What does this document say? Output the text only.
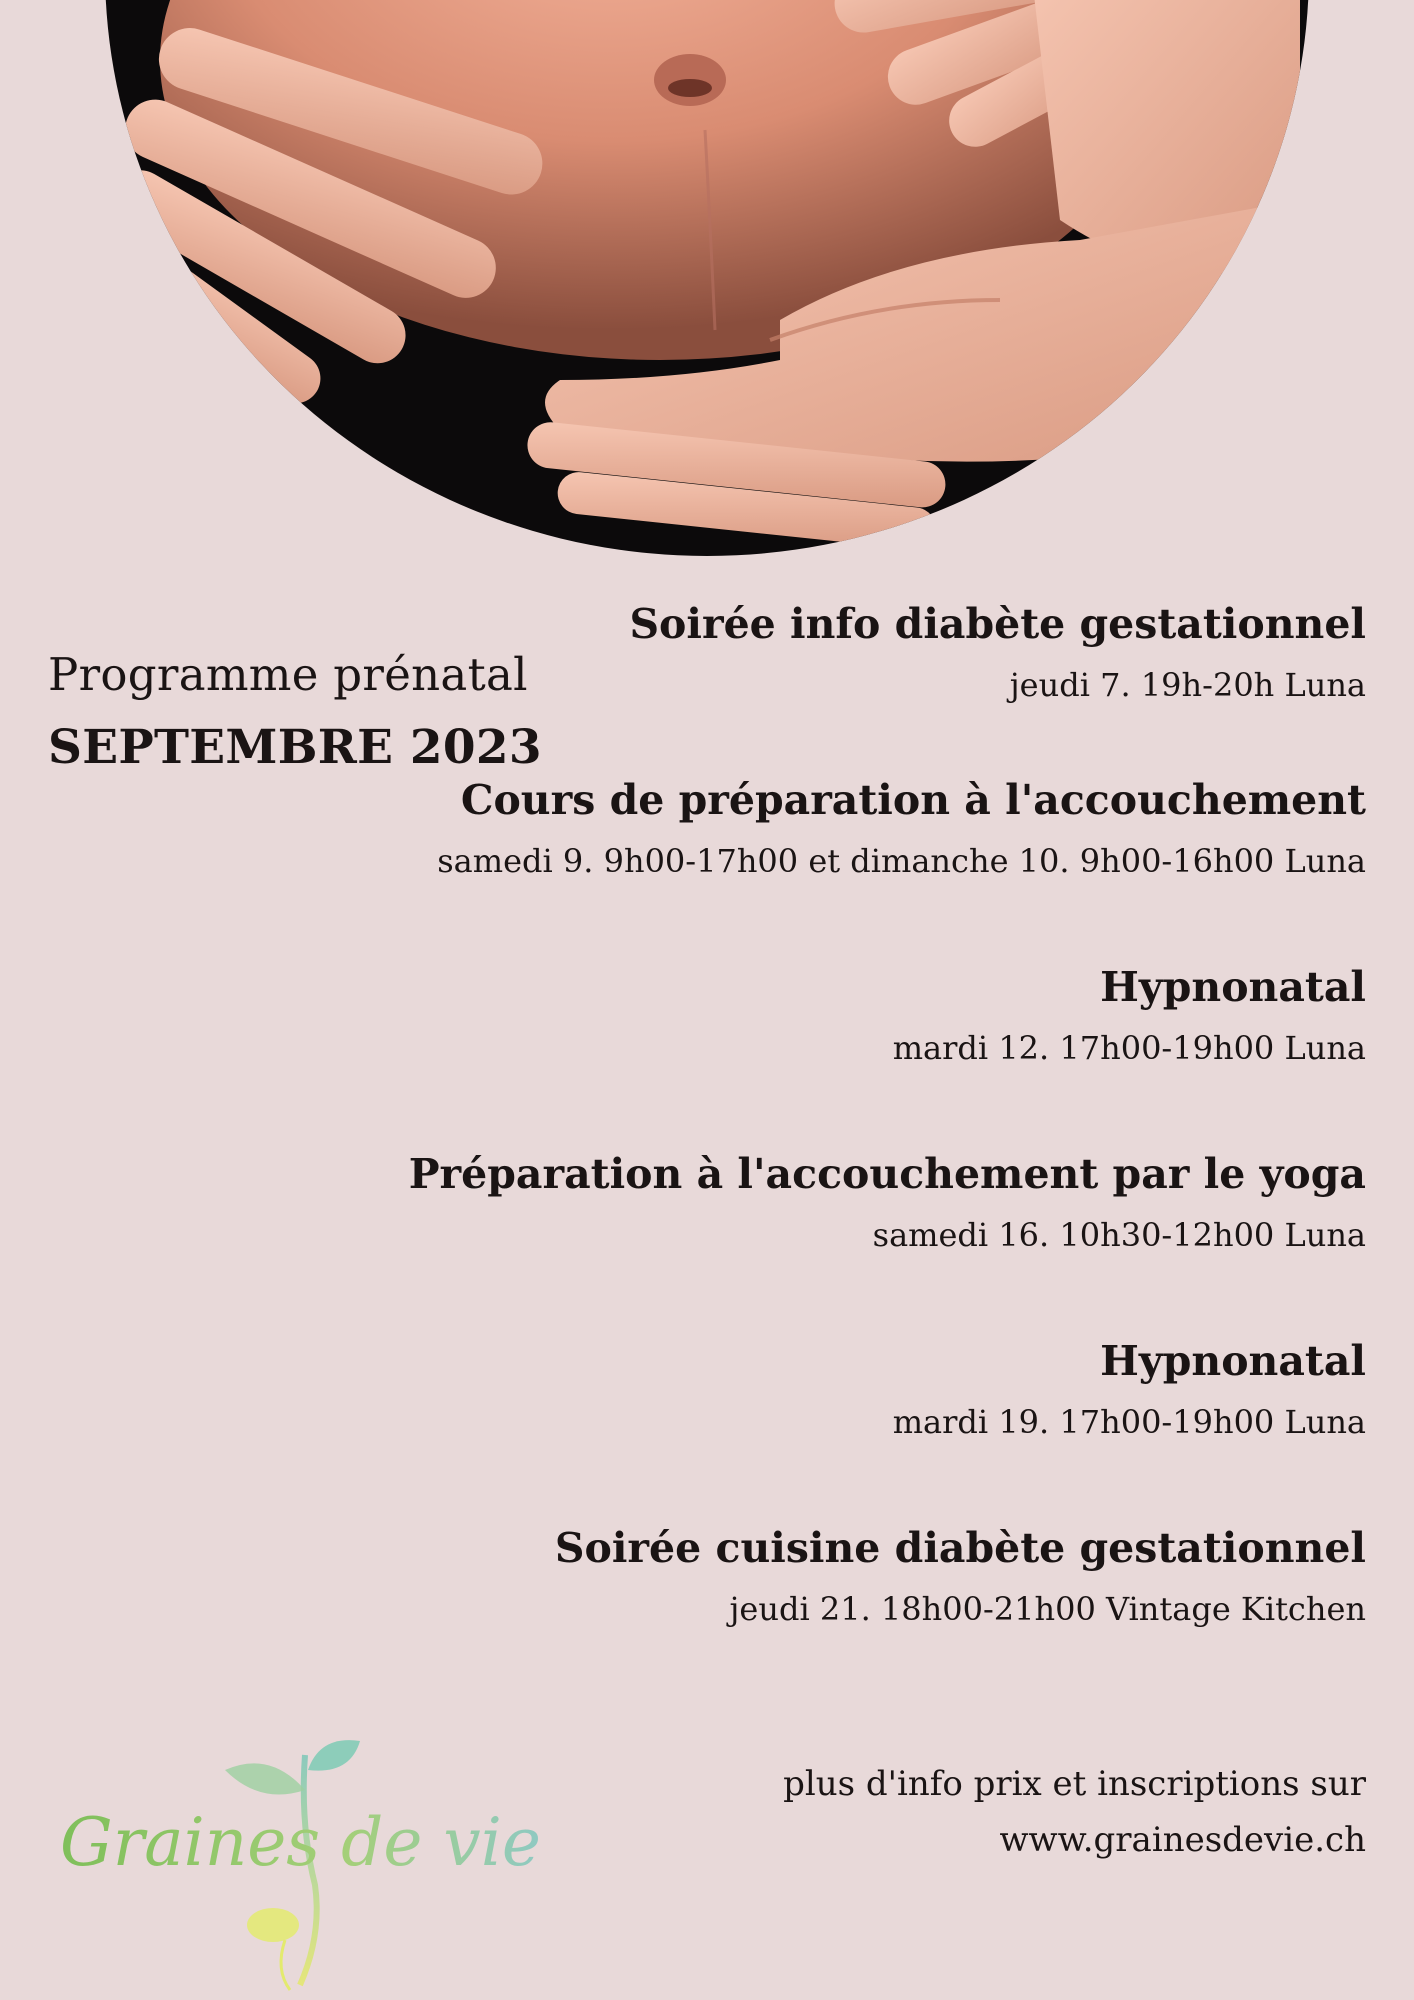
Programme prénatal
SEPTEMBRE 2023
Soirée info diabète gestationnel
jeudi 7. 19h-20h Luna
Cours de préparation à l'accouchement
samedi 9. 9h00-17h00 et dimanche 10. 9h00-16h00 Luna
Hypnonatal
mardi 12. 17h00-19h00 Luna
Préparation à l'accouchement par le yoga
samedi 16. 10h30-12h00 Luna
Hypnonatal
mardi 19. 17h00-19h00 Luna
Soirée cuisine diabète gestationnel
jeudi 21. 18h00-21h00 Vintage Kitchen
plus d'info prix et inscriptions sur
www.grainesdevie.ch
Graines de vie
